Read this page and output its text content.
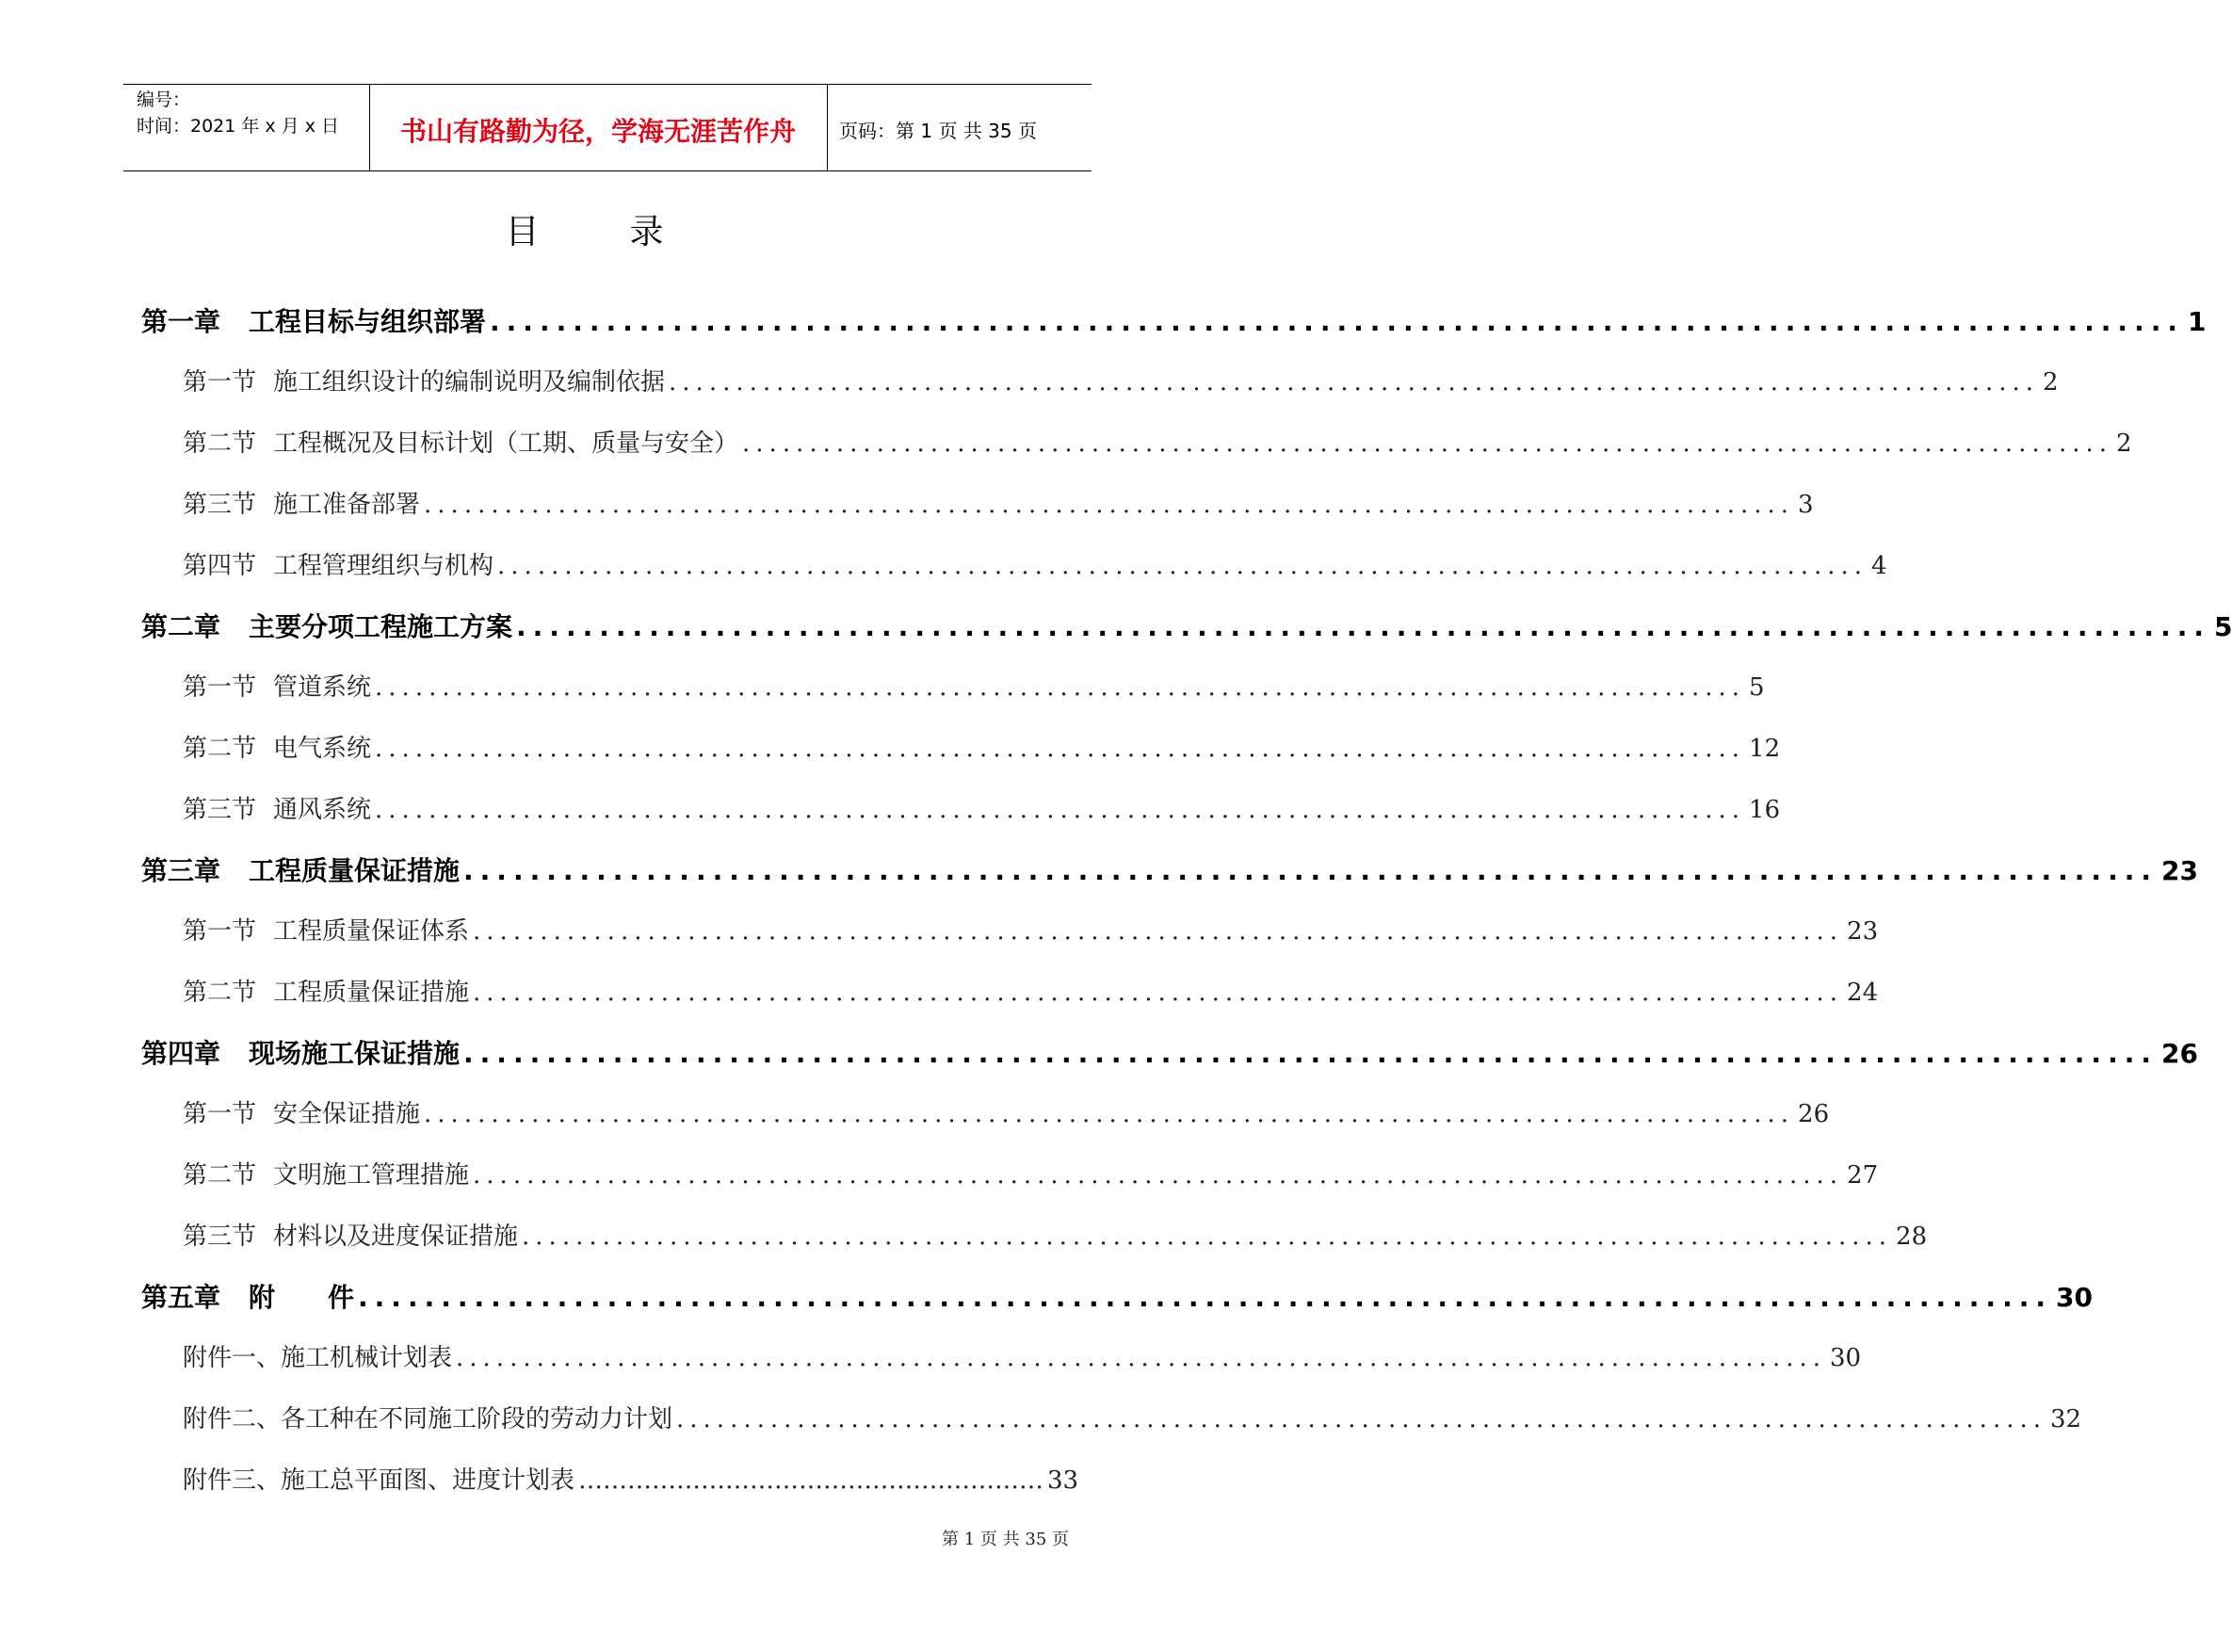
编号：
时间：2021 年 x 月 x 日	书山有路勤为径，学海无涯苦作舟	页码：第 1 页 共 35 页
目录
第一章 工程目标与组织部署 ...................................................................................................... 1
第一节 施工组织设计的编制说明及编制依据 ...................................................................................................... 2
第二节 工程概况及目标计划（工期、质量与安全） ...................................................................................................... 2
第三节 施工准备部署 ...................................................................................................... 3
第四节 工程管理组织与机构 ...................................................................................................... 4
第二章 主要分项工程施工方案 ...................................................................................................... 5
第一节 管道系统 ...................................................................................................... 5
第二节 电气系统 ...................................................................................................... 12
第三节 通风系统 ...................................................................................................... 16
第三章 工程质量保证措施 ...................................................................................................... 23
第一节 工程质量保证体系 ...................................................................................................... 23
第二节 工程质量保证措施 ...................................................................................................... 24
第四章 现场施工保证措施 ...................................................................................................... 26
第一节 安全保证措施 ...................................................................................................... 26
第二节 文明施工管理措施 ...................................................................................................... 27
第三节 材料以及进度保证措施 ...................................................................................................... 28
第五章 附　　件 ...................................................................................................... 30
附件一、施工机械计划表 ...................................................................................................... 30
附件二、各工种在不同施工阶段的劳动力计划 ...................................................................................................... 32
附件三、施工总平面图、进度计划表 ………………………………………………… 33
第 1 页 共 35 页
